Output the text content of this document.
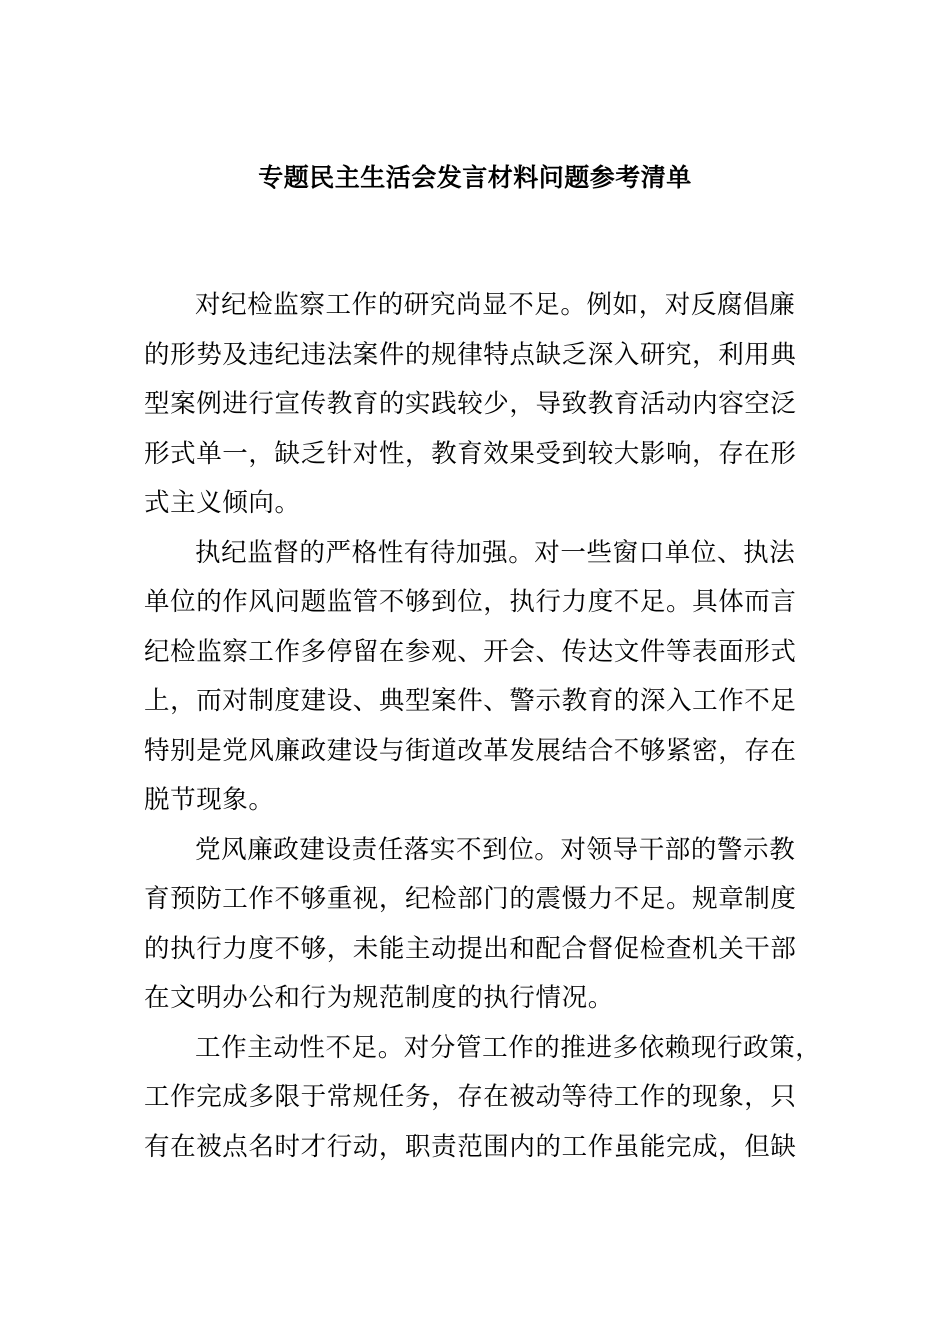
专题民主生活会发言材料问题参考清单

对纪检监察工作的研究尚显不足。例如，对反腐倡廉
的形势及违纪违法案件的规律特点缺乏深入研究，利用典
型案例进行宣传教育的实践较少，导致教育活动内容空泛
形式单一，缺乏针对性，教育效果受到较大影响，存在形
式主义倾向。

执纪监督的严格性有待加强。对一些窗口单位、执法
单位的作风问题监管不够到位，执行力度不足。具体而言
纪检监察工作多停留在参观、开会、传达文件等表面形式
上，而对制度建设、典型案件、警示教育的深入工作不足
特别是党风廉政建设与街道改革发展结合不够紧密，存在
脱节现象。

党风廉政建设责任落实不到位。对领导干部的警示教
育预防工作不够重视，纪检部门的震慑力不足。规章制度
的执行力度不够，未能主动提出和配合督促检查机关干部
在文明办公和行为规范制度的执行情况。

工作主动性不足。对分管工作的推进多依赖现行政策，
工作完成多限于常规任务，存在被动等待工作的现象，只
有在被点名时才行动，职责范围内的工作虽能完成，但缺
